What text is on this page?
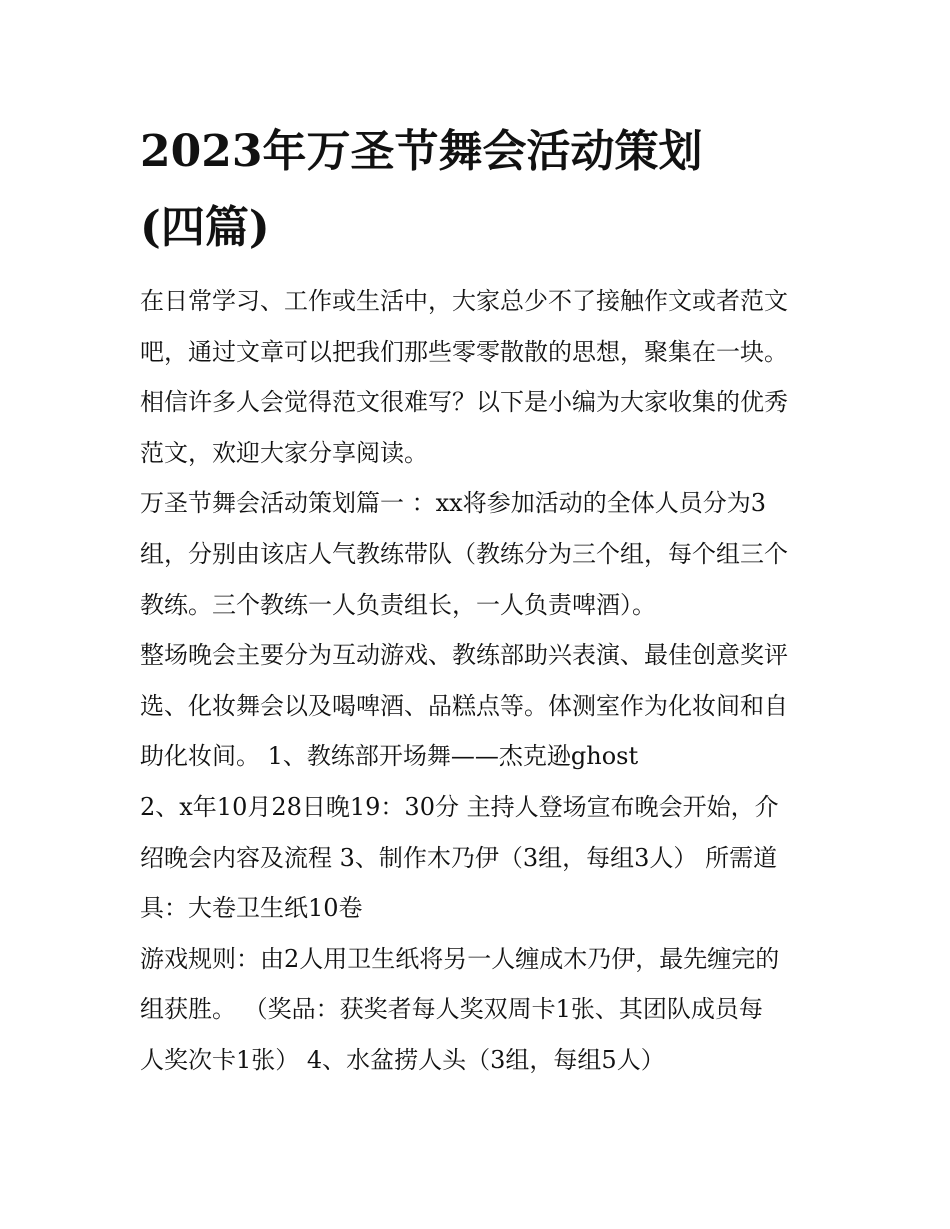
2023年万圣节舞会活动策划
(四篇)
在日常学习、工作或生活中，大家总少不了接触作文或者范文
吧，通过文章可以把我们那些零零散散的思想，聚集在一块。
相信许多人会觉得范文很难写？以下是小编为大家收集的优秀
范文，欢迎大家分享阅读。
万圣节舞会活动策划篇一 ：xx将参加活动的全体人员分为3
组，分别由该店人气教练带队（教练分为三个组，每个组三个
教练。三个教练一人负责组长，一人负责啤酒）。
整场晚会主要分为互动游戏、教练部助兴表演、最佳创意奖评
选、化妆舞会以及喝啤酒、品糕点等。体测室作为化妆间和自
助化妆间。 1、教练部开场舞——杰克逊ghost
2、x年10月28日晚19：30分 主持人登场宣布晚会开始，介
绍晚会内容及流程 3、制作木乃伊（3组，每组3人） 所需道
具：大卷卫生纸10卷
游戏规则：由2人用卫生纸将另一人缠成木乃伊，最先缠完的
组获胜。 （奖品：获奖者每人奖双周卡1张、其团队成员每
人奖次卡1张） 4、水盆捞人头（3组，每组5人）
